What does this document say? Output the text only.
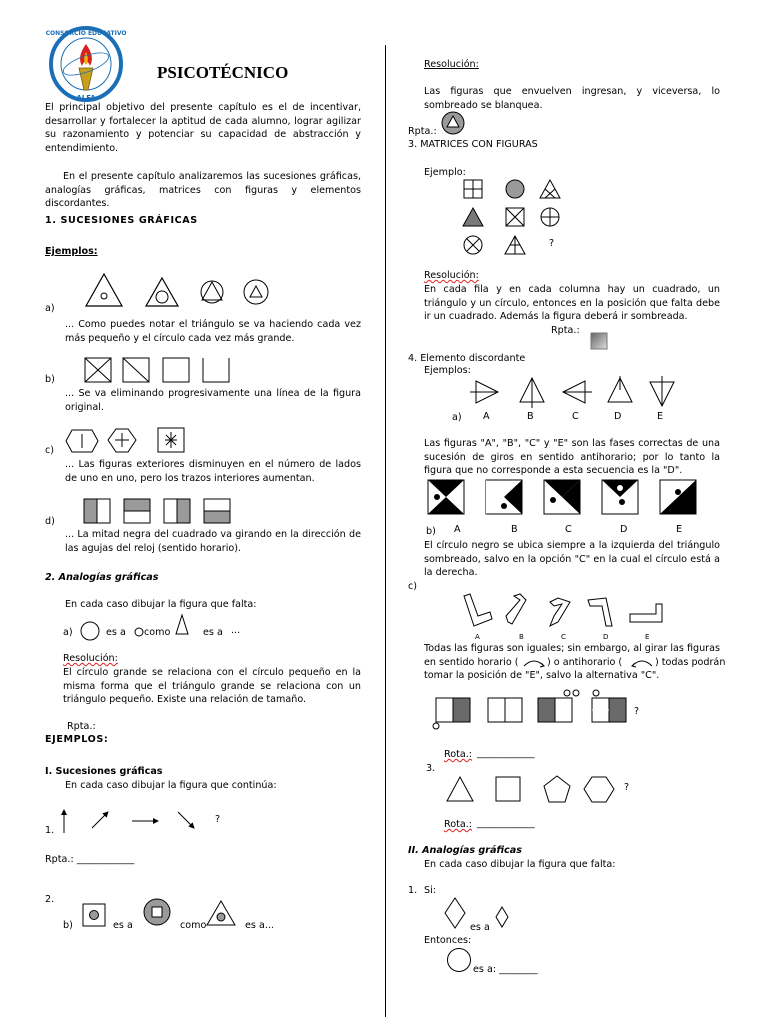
CONSORCIO EDUCATIVO
ALFA
PSICOTÉCNICO
El principal objetivo del presente capítulo es el de incentivar, desarrollar y fortalecer la aptitud de cada alumno, lograr agilizar su razonamiento y potenciar su capacidad de abstracción y entendimiento.
En el presente capítulo analizaremos las sucesiones gráficas, analogías gráficas, matrices con figuras y elementos discordantes.
1. SUCESIONES GRÁFICAS
Ejemplos:
a)
... Como puedes notar el triángulo se va haciendo cada vez más pequeño y el círculo cada vez más grande.
b)
... Se va eliminando progresivamente una línea de la figura original.
c)
... Las figuras exteriores disminuyen en el número de lados de uno en uno, pero los trazos interiores aumentan.
d)
... La mitad negra del cuadrado va girando en la dirección de las agujas del reloj (sentido horario).
2. Analogías gráficas
En cada caso dibujar la figura que falta:
a)	es a como	es a ...
Resolución:
El círculo grande se relaciona con el círculo pequeño en la misma forma que el triángulo grande se relaciona con un triángulo pequeño. Existe una relación de tamaño.
Rpta.:
EJEMPLOS:
I. Sucesiones gráficas
En cada caso dibujar la figura que continúa:
1.
?
Rpta.: ____________
2.
b)	es a	como	es a...
Resolución:
Las figuras que envuelven ingresan, y viceversa, lo sombreado se blanquea.
Rpta.:
3. MATRICES CON FIGURAS
Ejemplo:
?
Resolución:
En cada fila y en cada columna hay un cuadrado, un triángulo y un círculo, entonces en la posición que falta debe ir un cuadrado. Además la figura deberá ir sombreada.
Rpta.:
4. Elemento discordante
Ejemplos:
a) A	B	C	D	E
Las figuras "A", "B", "C" y "E" son las fases correctas de una sucesión de giros en sentido antihorario; por lo tanto la figura que no corresponde a esta secuencia es la "D".
b) A	B	C	D	E
El círculo negro se ubica siempre a la izquierda del triángulo sombreado, salvo en la opción "C" en la cual el círculo está a la derecha.
c)
A	B	C	D	E
Todas las figuras son iguales; sin embargo, al girar las figuras
en sentido horario (	) o antihorario (	) todas podrán
tomar la posición de "E", salvo la alternativa "C".
?
Rota.: ____________
3.
?
Rota.: ____________
II. Analogías gráficas
En cada caso dibujar la figura que falta:
1. Si:
es a
Entonces:
es a: ________
